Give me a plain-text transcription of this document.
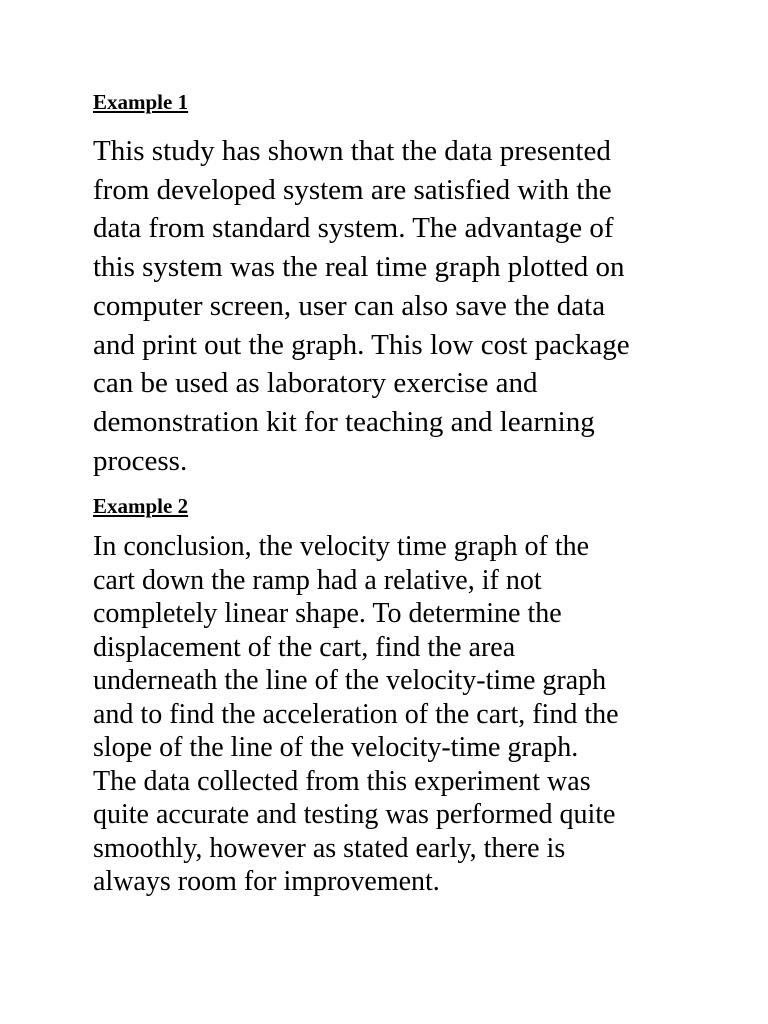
Example 1

This study has shown that the data presented
from developed system are satisfied with the
data from standard system. The advantage of
this system was the real time graph plotted on
computer screen, user can also save the data
and print out the graph. This low cost package
can be used as laboratory exercise and
demonstration kit for teaching and learning
process.

Example 2

In conclusion, the velocity time graph of the
cart down the ramp had a relative, if not
completely linear shape. To determine the
displacement of the cart, find the area
underneath the line of the velocity-time graph
and to find the acceleration of the cart, find the
slope of the line of the velocity-time graph.
The data collected from this experiment was
quite accurate and testing was performed quite
smoothly, however as stated early, there is
always room for improvement.
